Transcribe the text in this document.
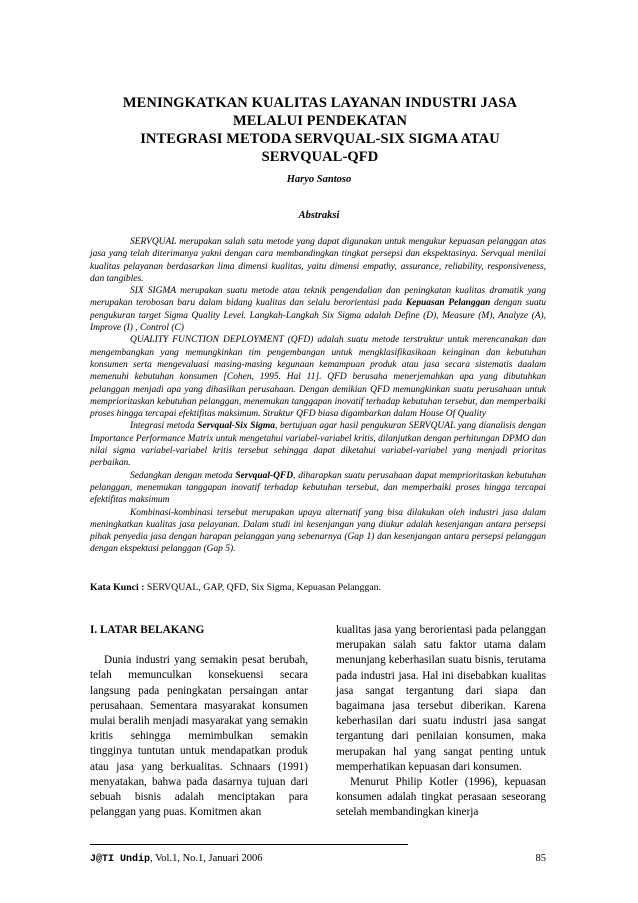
MENINGKATKAN KUALITAS LAYANAN INDUSTRI JASA
MELALUI PENDEKATAN
INTEGRASI METODA SERVQUAL-SIX SIGMA ATAU
SERVQUAL-QFD
Haryo Santoso
Abstraksi

SERVQUAL merupakan salah satu metode yang dapat digunakan untuk mengukur kepuasan pelanggan atas jasa yang telah diterimanya yakni dengan cara membandingkan tingkat persepsi dan ekspektasinya. Servqual menilai kualitas pelayanan berdasarkan lima dimensi kualitas, yaitu dimensi empathy, assurance, reliability, responsiveness, dan tangibles.

SIX SIGMA merupakan suatu metode atau teknik pengendalian dan peningkatan kualitas dramatik yang merupakan terobosan baru dalam bidang kualitas dan selalu berorientasi pada Kepuasan Pelanggan dengan suatu pengukuran target Sigma Quality Level. Langkah-Langkah Six Sigma adalah Define (D), Measure (M), Analyze (A), Improve (I) , Control (C)

QUALITY FUNCTION DEPLOYMENT (QFD) adalah suatu metode terstruktur untuk merencanakan dan mengembangkan yang memungkinkan tim pengembangan untuk mengklasifikasikaan keinginan dan kebutuhan konsumen serta mengevaluasi masing-masing kegunaan kemampuan produk atau jasa secara sistematis daalam memenuhi kebutuhan konsumen [Cohen, 1995. Hal 11]. QFD berusaha menerjemahkan apa yang dibutuhkan pelanggan menjadi apa yang dihasilkan perusahaan. Dengan demikian QFD memungkinkan suatu perusahaan untuk memprioritaskan kebutuhan pelanggan, menemukan tanggapan inovatif terhadap kebutuhan tersebut, dan memperbaiki proses hingga tercapai efektifitas maksimum. Struktur QFD biasa digambarkan dalam House Of Quality

Integrasi metoda Servqual-Six Sigma, bertujuan agar hasil pengukuran SERVQUAL yang dianalisis dengan Importance Performance Matrix untuk mengetahui variabel-variabel kritis, dilanjutkan dengan perhitungan DPMO dan nilai sigma variabel-variabel kritis tersebut sehingga dapat diketahui variabel-variabel yang menjadi prioritas perbaikan.

Sedangkan dengan metoda Servqual-QFD, diharapkan suatu perusahaan dapat memprioritaskan kebutuhan pelanggan, menemukan tanggapan inovatif terhadap kebutuhan tersebut, dan memperbaiki proses hingga tercapai efektifitas maksimum

Kombinasi-kombinasi tersebut merupakan upaya alternatif yang bisa dilakukan oleh industri jasa dalam meningkatkan kualitas jasa pelayanan. Dalam studi ini kesenjangan yang diukur adalah kesenjangan antara persepsi pihak penyedia jasa dengan harapan pelanggan yang sebenarnya (Gap 1) dan kesenjangan antara persepsi pelanggan dengan ekspektasi pelanggan (Gap 5).

Kata Kunci : SERVQUAL, GAP, QFD, Six Sigma, Kepuasan Pelanggan.
I. LATAR BELAKANG

Dunia industri yang semakin pesat berubah, telah memunculkan konsekuensi secara langsung pada peningkatan persaingan antar perusahaan. Sementara masyarakat konsumen mulai beralih menjadi masyarakat yang semakin kritis sehingga memimbulkan semakin tingginya tuntutan untuk mendapatkan produk atau jasa yang berkualitas. Schnaars (1991) menyatakan, bahwa pada dasarnya tujuan dari sebuah bisnis adalah menciptakan para pelanggan yang puas. Komitmen akan

kualitas jasa yang berorientasi pada pelanggan merupakan salah satu faktor utama dalam menunjang keberhasilan suatu bisnis, terutama pada industri jasa. Hal ini disebabkan kualitas jasa sangat tergantung dari siapa dan bagaimana jasa tersebut diberikan. Karena keberhasilan dari suatu industri jasa sangat tergantung dari penilaian konsumen, maka merupakan hal yang sangat penting untuk memperhatikan kepuasan dari konsumen.

Menurut Philip Kotler (1996), kepuasan konsumen adalah tingkat perasaan seseorang setelah membandingkan kinerja

J@TI Undip, Vol.1, No.1, Januari 2006	85
